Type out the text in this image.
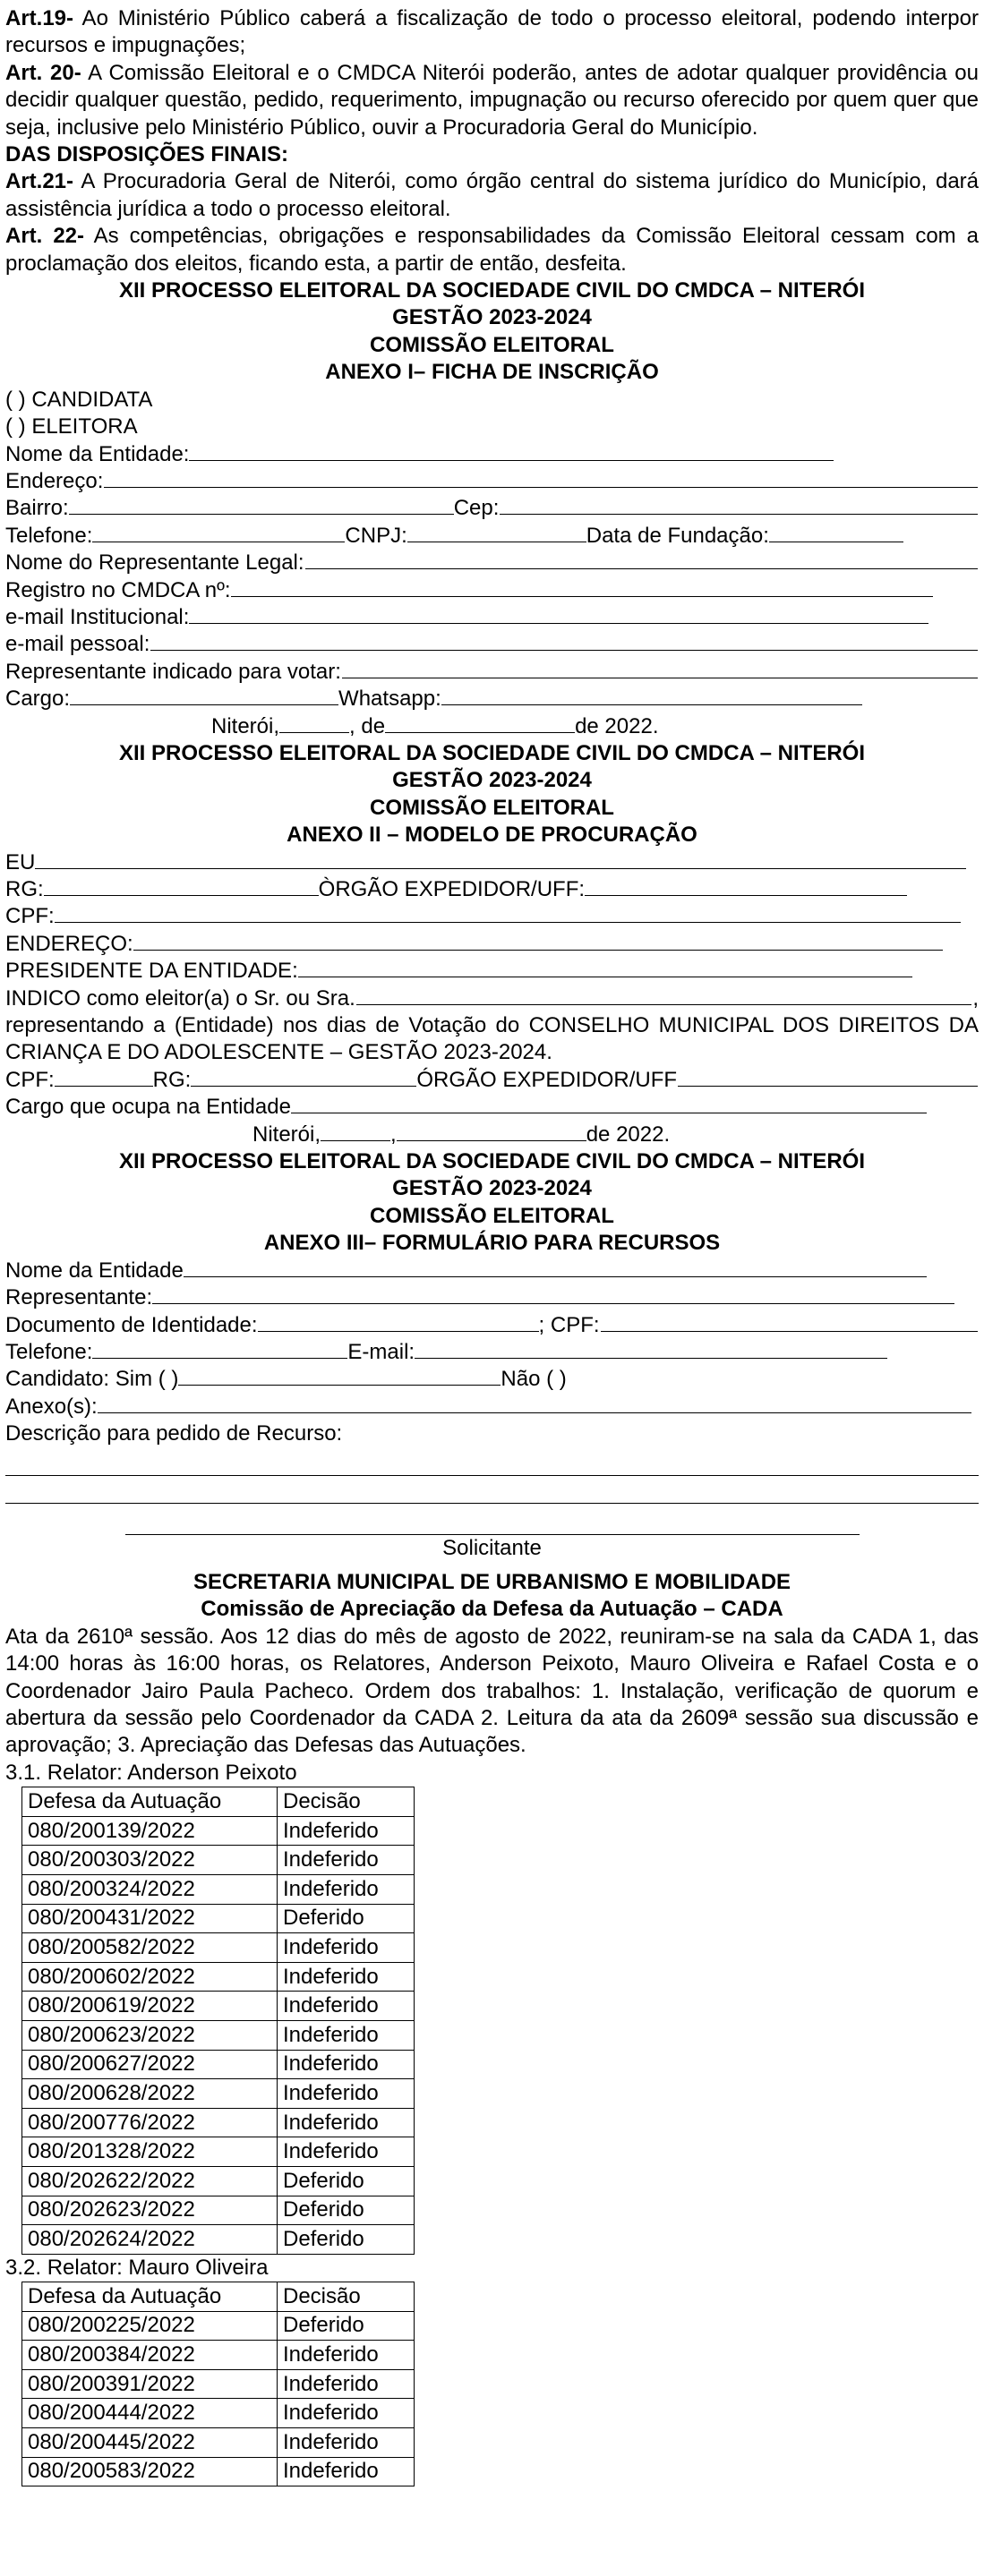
Art.19- Ao Ministério Público caberá a fiscalização de todo o processo eleitoral, podendo interpor recursos e impugnações;

Art. 20- A Comissão Eleitoral e o CMDCA Niterói poderão, antes de adotar qualquer providência ou decidir qualquer questão, pedido, requerimento, impugnação ou recurso oferecido por quem quer que seja, inclusive pelo Ministério Público, ouvir a Procuradoria Geral do Município.

DAS DISPOSIÇÕES FINAIS:

Art.21- A Procuradoria Geral de Niterói, como órgão central do sistema jurídico do Município, dará assistência jurídica a todo o processo eleitoral.

Art. 22- As competências, obrigações e responsabilidades da Comissão Eleitoral cessam com a proclamação dos eleitos, ficando esta, a partir de então, desfeita.

XII PROCESSO ELEITORAL DA SOCIEDADE CIVIL DO CMDCA – NITERÓI

GESTÃO 2023-2024

COMISSÃO ELEITORAL

ANEXO I– FICHA DE INSCRIÇÃO

( ) CANDIDATA

( ) ELEITORA

Nome da Entidade:
Endereço:
Bairro:	Cep:
Telefone:	CNPJ:	Data de Fundação:
Nome do Representante Legal:
Registro no CMDCA nº:
e-mail Institucional:
e-mail pessoal:
Representante indicado para votar:
Cargo:	Whatsapp:
Niterói,	, de	de 2022.

XII PROCESSO ELEITORAL DA SOCIEDADE CIVIL DO CMDCA – NITERÓI

GESTÃO 2023-2024

COMISSÃO ELEITORAL

ANEXO II – MODELO DE PROCURAÇÃO

EU
RG:	ÒRGÃO EXPEDIDOR/UFF:
CPF:
ENDEREÇO:
PRESIDENTE DA ENTIDADE:
INDICO como eleitor(a) o Sr. ou Sra.	,

representando a (Entidade) nos dias de Votação do CONSELHO MUNICIPAL DOS DIREITOS DA CRIANÇA E DO ADOLESCENTE – GESTÃO 2023-2024.

CPF:	RG:	ÓRGÃO EXPEDIDOR/UFF
Cargo que ocupa na Entidade
Niterói,	,	de 2022.

XII PROCESSO ELEITORAL DA SOCIEDADE CIVIL DO CMDCA – NITERÓI

GESTÃO 2023-2024

COMISSÃO ELEITORAL

ANEXO III– FORMULÁRIO PARA RECURSOS

Nome da Entidade
Representante:
Documento de Identidade:	; CPF:
Telefone:	E-mail:
Candidato: Sim ( )	Não ( )
Anexo(s):

Descrição para pedido de Recurso:

Solicitante

SECRETARIA MUNICIPAL DE URBANISMO E MOBILIDADE

Comissão de Apreciação da Defesa da Autuação – CADA

Ata da 2610ª sessão. Aos 12 dias do mês de agosto de 2022, reuniram-se na sala da CADA 1, das 14:00 horas às 16:00 horas, os Relatores, Anderson Peixoto, Mauro Oliveira e Rafael Costa e o Coordenador Jairo Paula Pacheco. Ordem dos trabalhos: 1. Instalação, verificação de quorum e abertura da sessão pelo Coordenador da CADA 2. Leitura da ata da 2609ª sessão sua discussão e aprovação; 3. Apreciação das Defesas das Autuações.

3.1. Relator: Anderson Peixoto

Defesa da Autuação	Decisão
080/200139/2022	Indeferido
080/200303/2022	Indeferido
080/200324/2022	Indeferido
080/200431/2022	Deferido
080/200582/2022	Indeferido
080/200602/2022	Indeferido
080/200619/2022	Indeferido
080/200623/2022	Indeferido
080/200627/2022	Indeferido
080/200628/2022	Indeferido
080/200776/2022	Indeferido
080/201328/2022	Indeferido
080/202622/2022	Deferido
080/202623/2022	Deferido
080/202624/2022	Deferido

3.2. Relator: Mauro Oliveira

Defesa da Autuação	Decisão
080/200225/2022	Deferido
080/200384/2022	Indeferido
080/200391/2022	Indeferido
080/200444/2022	Indeferido
080/200445/2022	Indeferido
080/200583/2022	Indeferido
